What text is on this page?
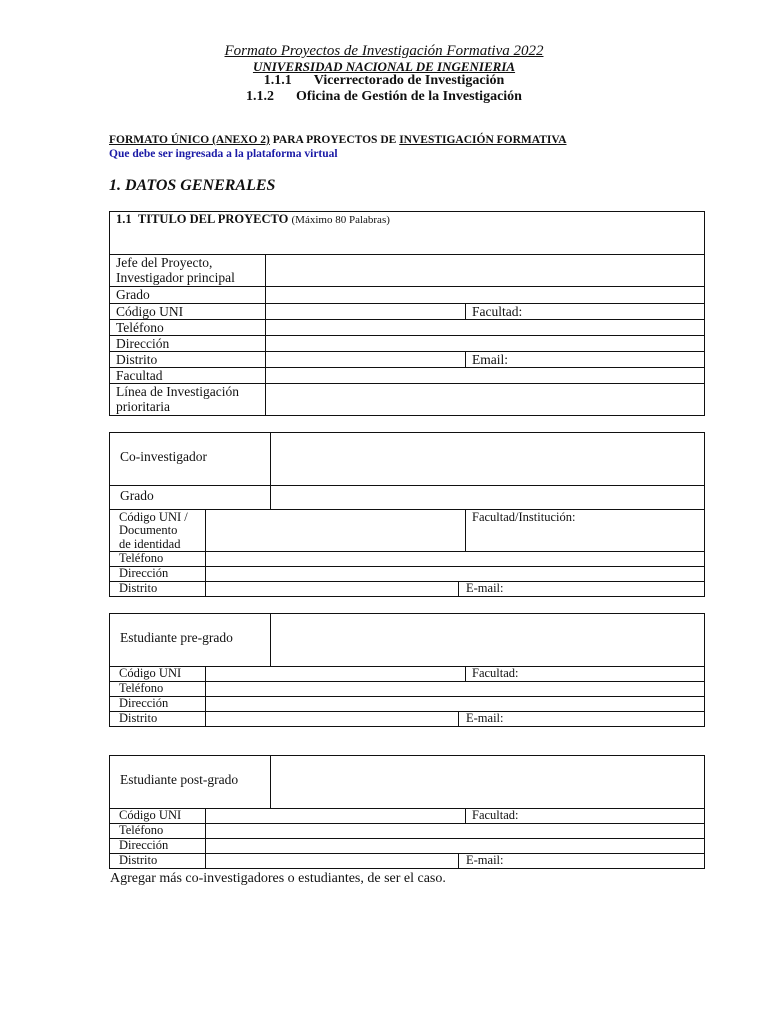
Formato Proyectos de Investigación Formativa 2022
UNIVERSIDAD NACIONAL DE INGENIERIA
1.1.1 Vicerrectorado de Investigación
1.1.2 Oficina de Gestión de la Investigación
FORMATO ÚNICO (ANEXO 2) PARA PROYECTOS DE INVESTIGACIÓN FORMATIVA
Que debe ser ingresada a la plataforma virtual
1. DATOS GENERALES
1.1 TITULO DEL PROYECTO (Máximo 80 Palabras)
Jefe del Proyecto,
Investigador principal
Grado
Código UNI	Facultad:
Teléfono
Dirección
Distrito	Email:
Facultad
Línea de Investigación
prioritaria
Co-investigador
Grado
Código UNI /
Documento
de identidad
Facultad/Institución:
Teléfono
Dirección
Distrito	E-mail:
Estudiante pre-grado
Código UNI	Facultad:
Teléfono
Dirección
Distrito	E-mail:
Estudiante post-grado
Código UNI	Facultad:
Teléfono
Dirección
Distrito	E-mail:
Agregar más co-investigadores o estudiantes, de ser el caso.
